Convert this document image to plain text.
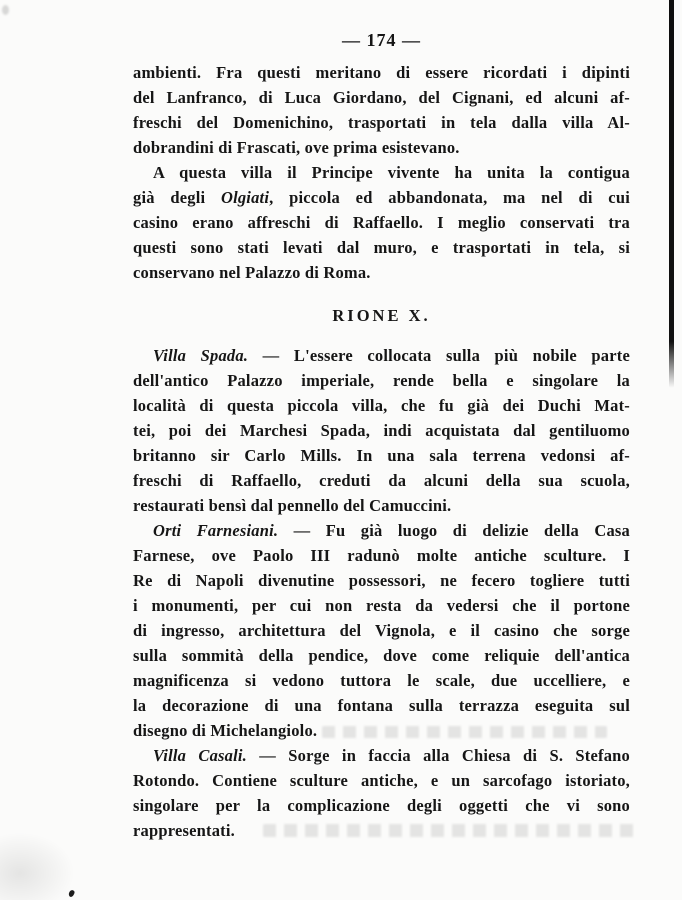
— 174 —
ambienti. Fra questi meritano di essere ricordati i dipinti
del Lanfranco, di Luca Giordano, del Cignani, ed alcuni af-
freschi del Domenichino, trasportati in tela dalla villa Al-
dobrandini di Frascati, ove prima esistevano.
A questa villa il Principe vivente ha unita la contigua
già degli Olgiati, piccola ed abbandonata, ma nel di cui
casino erano affreschi di Raffaello. I meglio conservati tra
questi sono stati levati dal muro, e trasportati in tela, si
conservano nel Palazzo di Roma.
RIONE X.
Villa Spada. — L'essere collocata sulla più nobile parte
dell'antico Palazzo imperiale, rende bella e singolare la
località di questa piccola villa, che fu già dei Duchi Mat-
tei, poi dei Marchesi Spada, indi acquistata dal gentiluomo
britanno sir Carlo Mills. In una sala terrena vedonsi af-
freschi di Raffaello, creduti da alcuni della sua scuola,
restaurati bensì dal pennello del Camuccini.
Orti Farnesiani. — Fu già luogo di delizie della Casa
Farnese, ove Paolo III radunò molte antiche sculture. I
Re di Napoli divenutine possessori, ne fecero togliere tutti
i monumenti, per cui non resta da vedersi che il portone
di ingresso, architettura del Vignola, e il casino che sorge
sulla sommità della pendice, dove come reliquie dell'antica
magnificenza si vedono tuttora le scale, due uccelliere, e
la decorazione di una fontana sulla terrazza eseguita sul
disegno di Michelangiolo.
Villa Casali. — Sorge in faccia alla Chiesa di S. Stefano
Rotondo. Contiene sculture antiche, e un sarcofago istoriato,
singolare per la complicazione degli oggetti che vi sono
rappresentati.
